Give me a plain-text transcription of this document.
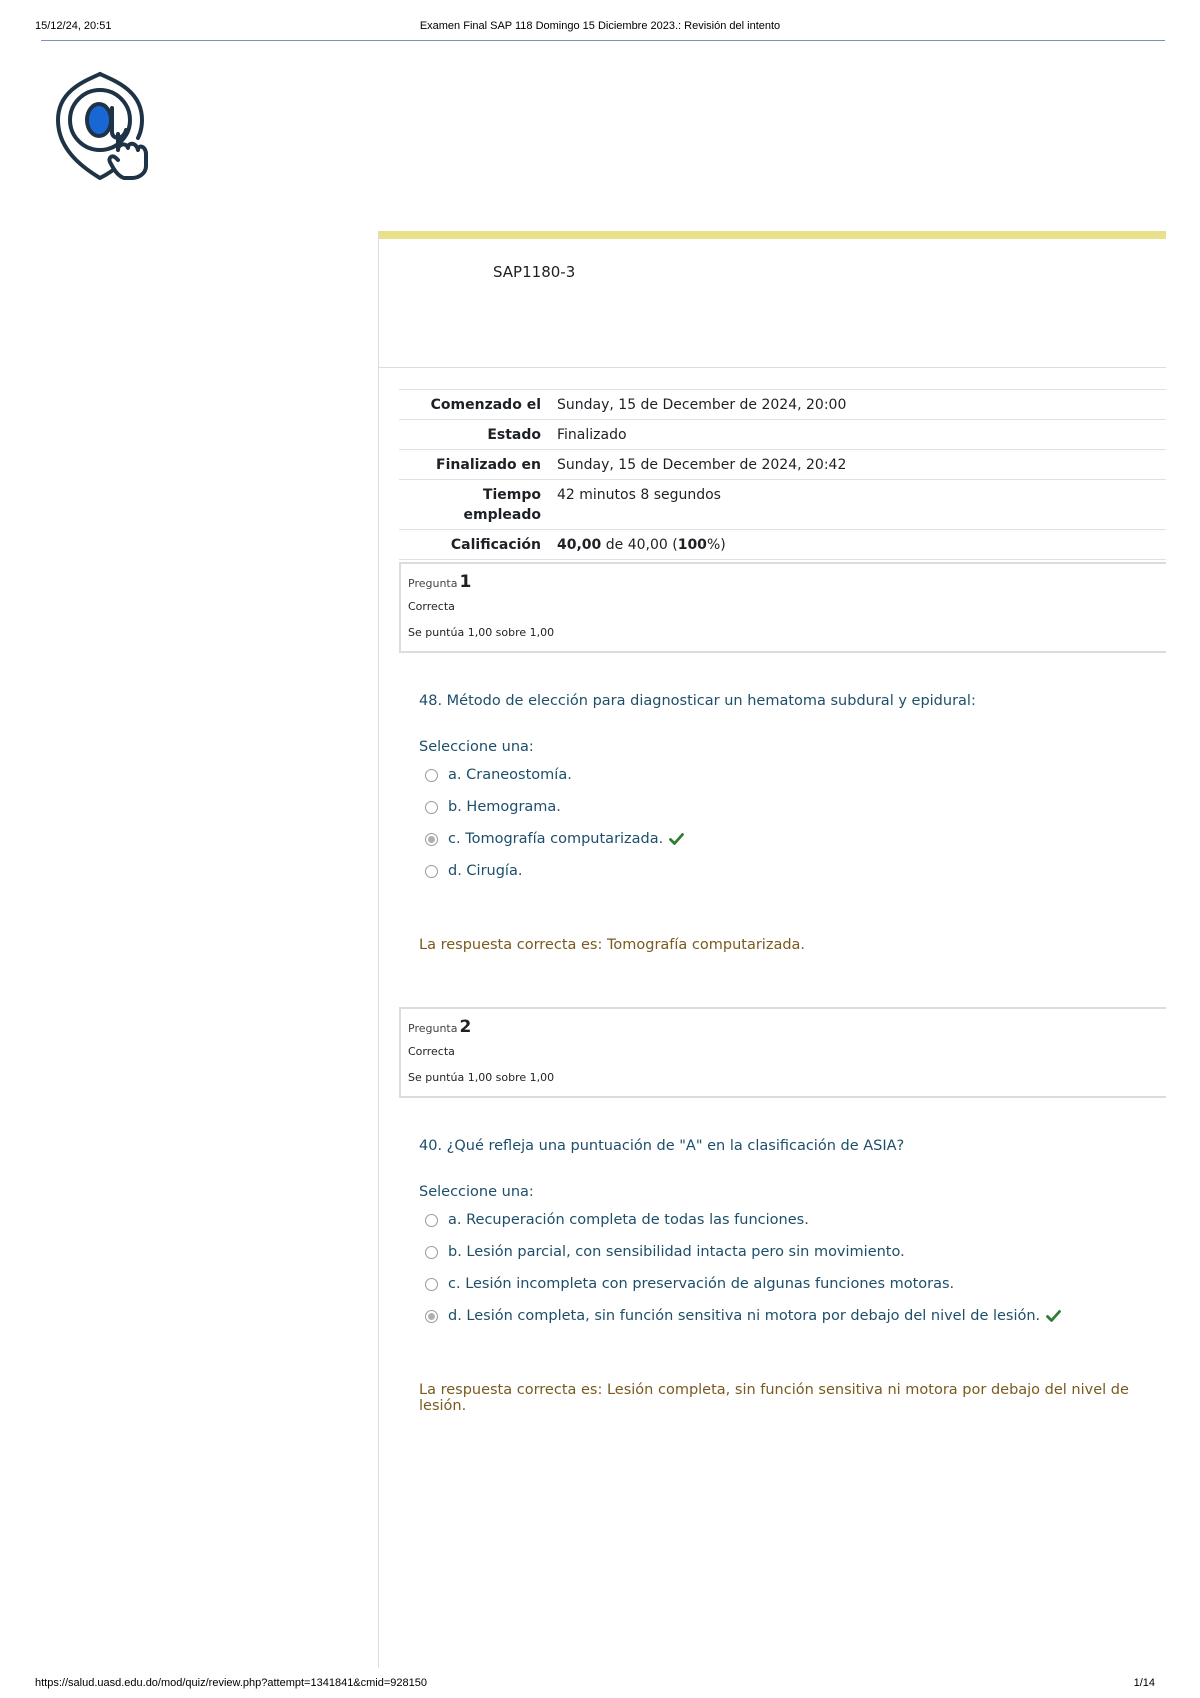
15/12/24, 20:51	Examen Final SAP 118 Domingo 15 Diciembre 2023.: Revisión del intento
SAP1180-3
Comenzado el	Sunday, 15 de December de 2024, 20:00
Estado	Finalizado
Finalizado en	Sunday, 15 de December de 2024, 20:42
Tiempo empleado	42 minutos 8 segundos
Calificación	40,00 de 40,00 (100%)
Pregunta 1
Correcta
Se puntúa 1,00 sobre 1,00
48. Método de elección para diagnosticar un hematoma subdural y epidural:
Seleccione una:
a. Craneostomía.
b. Hemograma.
c. Tomografía computarizada.
d. Cirugía.
La respuesta correcta es: Tomografía computarizada.
Pregunta 2
Correcta
Se puntúa 1,00 sobre 1,00
40. ¿Qué refleja una puntuación de "A" en la clasificación de ASIA?
Seleccione una:
a. Recuperación completa de todas las funciones.
b. Lesión parcial, con sensibilidad intacta pero sin movimiento.
c. Lesión incompleta con preservación de algunas funciones motoras.
d. Lesión completa, sin función sensitiva ni motora por debajo del nivel de lesión.
La respuesta correcta es: Lesión completa, sin función sensitiva ni motora por debajo del nivel de lesión.
https://salud.uasd.edu.do/mod/quiz/review.php?attempt=1341841&cmid=928150	1/14
